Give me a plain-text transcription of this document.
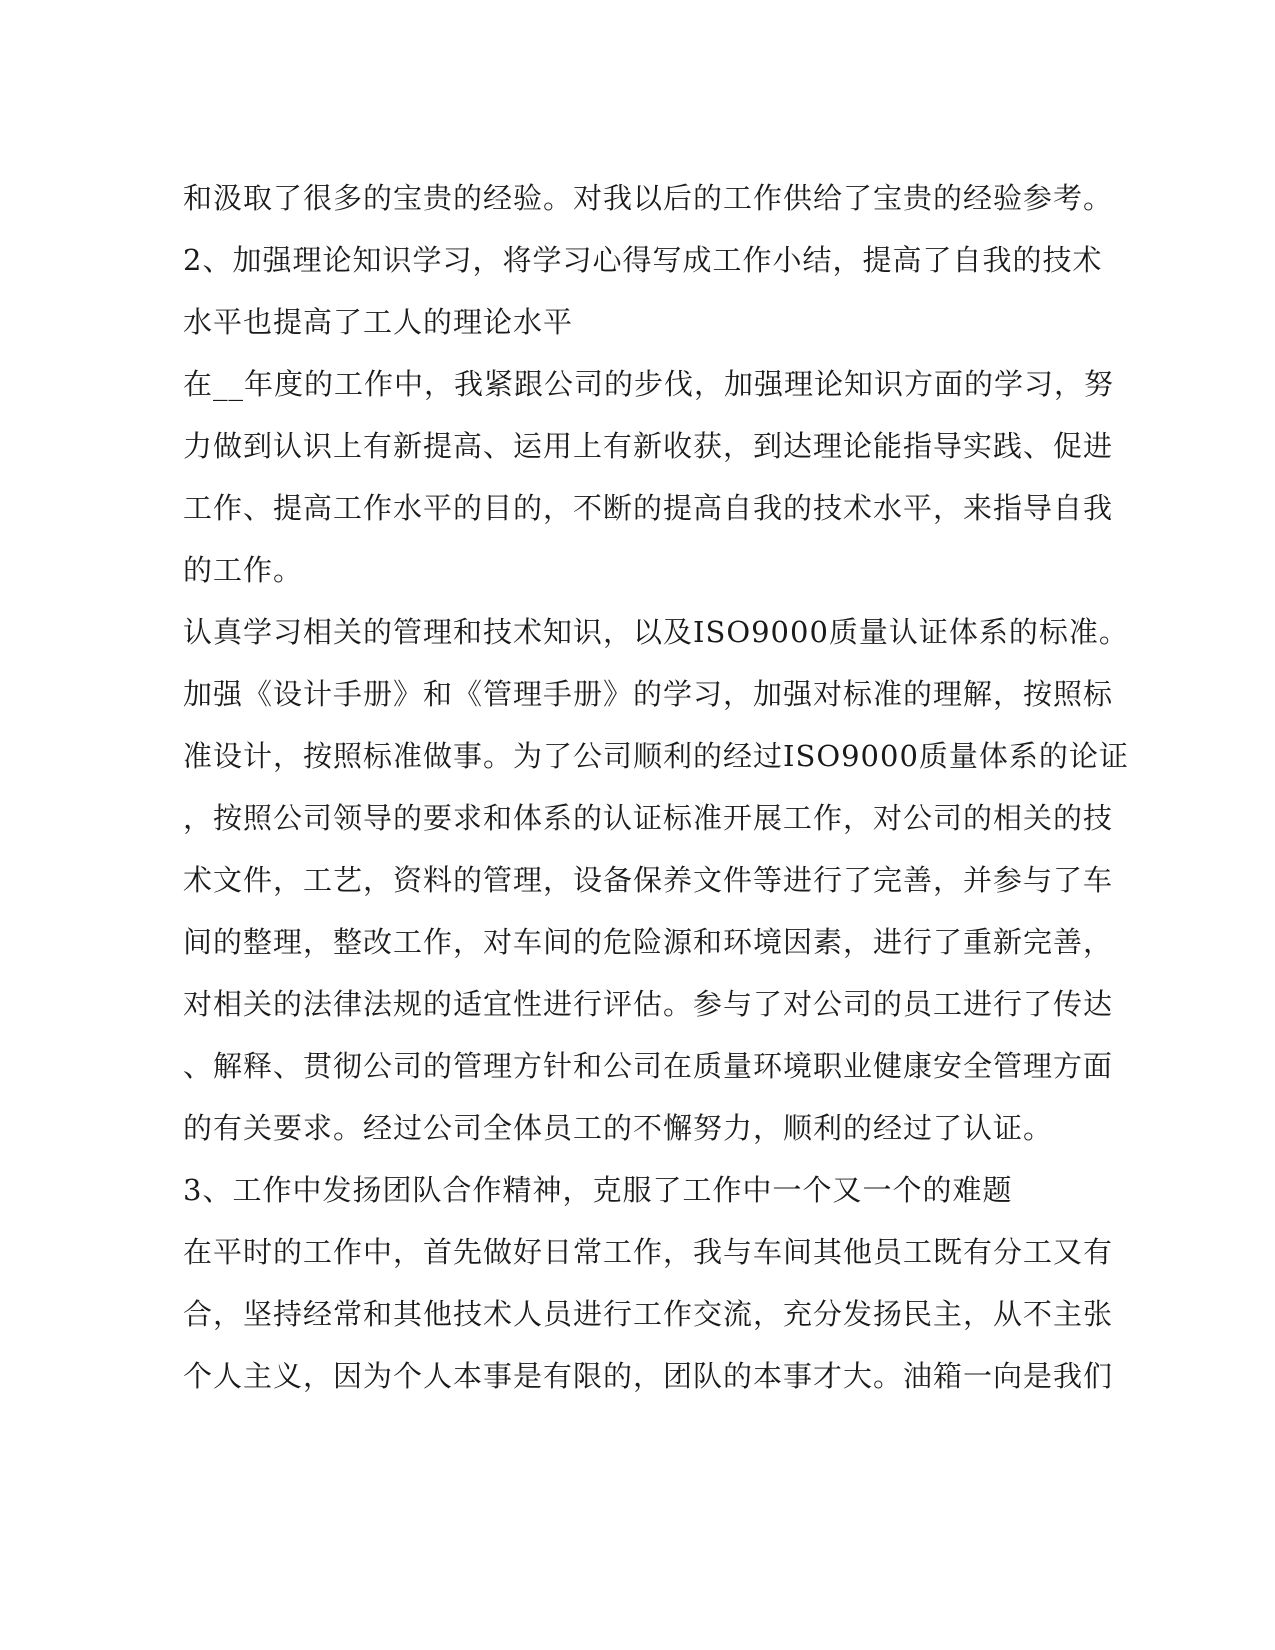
和汲取了很多的宝贵的经验。对我以后的工作供给了宝贵的经验参考。
2、加强理论知识学习，将学习心得写成工作小结，提高了自我的技术
水平也提高了工人的理论水平
在__年度的工作中，我紧跟公司的步伐，加强理论知识方面的学习，努
力做到认识上有新提高、运用上有新收获，到达理论能指导实践、促进
工作、提高工作水平的目的，不断的提高自我的技术水平，来指导自我
的工作。
认真学习相关的管理和技术知识，以及ISO9000质量认证体系的标准。
加强《设计手册》和《管理手册》的学习，加强对标准的理解，按照标
准设计，按照标准做事。为了公司顺利的经过ISO9000质量体系的论证
，按照公司领导的要求和体系的认证标准开展工作，对公司的相关的技
术文件，工艺，资料的管理，设备保养文件等进行了完善，并参与了车
间的整理，整改工作，对车间的危险源和环境因素，进行了重新完善，
对相关的法律法规的适宜性进行评估。参与了对公司的员工进行了传达
、解释、贯彻公司的管理方针和公司在质量环境职业健康安全管理方面
的有关要求。经过公司全体员工的不懈努力，顺利的经过了认证。
3、工作中发扬团队合作精神，克服了工作中一个又一个的难题
在平时的工作中，首先做好日常工作，我与车间其他员工既有分工又有
合，坚持经常和其他技术人员进行工作交流，充分发扬民主，从不主张
个人主义，因为个人本事是有限的，团队的本事才大。油箱一向是我们
